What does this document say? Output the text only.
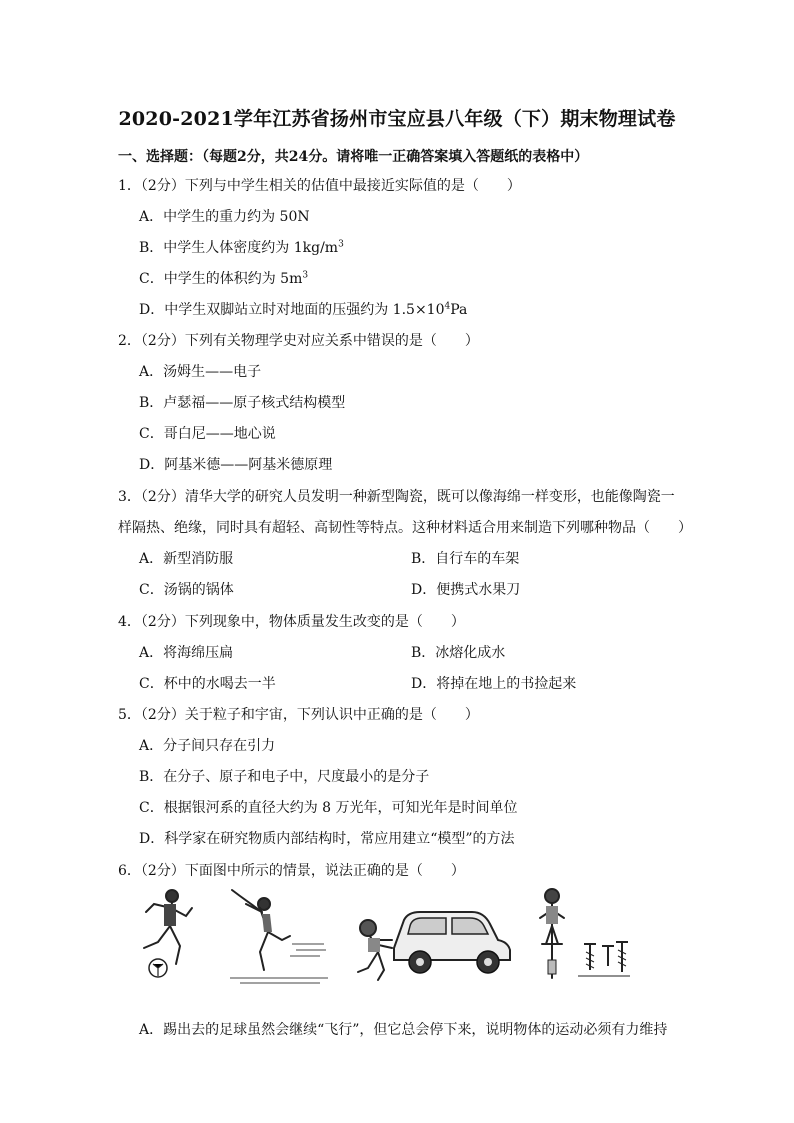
2020-2021学年江苏省扬州市宝应县八年级（下）期末物理试卷
一、选择题：（每题2分，共24分。请将唯一正确答案填入答题纸的表格中）
1．（2分）下列与中学生相关的估值中最接近实际值的是（　　）
A．中学生的重力约为 50N
B．中学生人体密度约为 $1kg/m^3$
C．中学生的体积约为 $5m^3$
D．中学生双脚站立时对地面的压强约为 $1.5\times 10^4Pa$
2．（2分）下列有关物理学史对应关系中错误的是（　　）
A．汤姆生——电子
B．卢瑟福——原子核式结构模型
C．哥白尼——地心说
D．阿基米德——阿基米德原理
3．（2分）清华大学的研究人员发明一种新型陶瓷，既可以像海绵一样变形，也能像陶瓷一
样隔热、绝缘，同时具有超轻、高韧性等特点。这种材料适合用来制造下列哪种物品（　　）
A．新型消防服	B．自行车的车架
C．汤锅的锅体	D．便携式水果刀
4．（2分）下列现象中，物体质量发生改变的是（　　）
A．将海绵压扁	B．冰熔化成水
C．杯中的水喝去一半	D．将掉在地上的书捡起来
5．（2分）关于粒子和宇宙，下列认识中正确的是（　　）
A．分子间只存在引力
B．在分子、原子和电子中，尺度最小的是分子
C．根据银河系的直径大约为 8 万光年，可知光年是时间单位
D．科学家在研究物质内部结构时，常应用建立“模型”的方法
6．（2分）下面图中所示的情景，说法正确的是（　　）
A．踢出去的足球虽然会继续“飞行”，但它总会停下来，说明物体的运动必须有力维持
